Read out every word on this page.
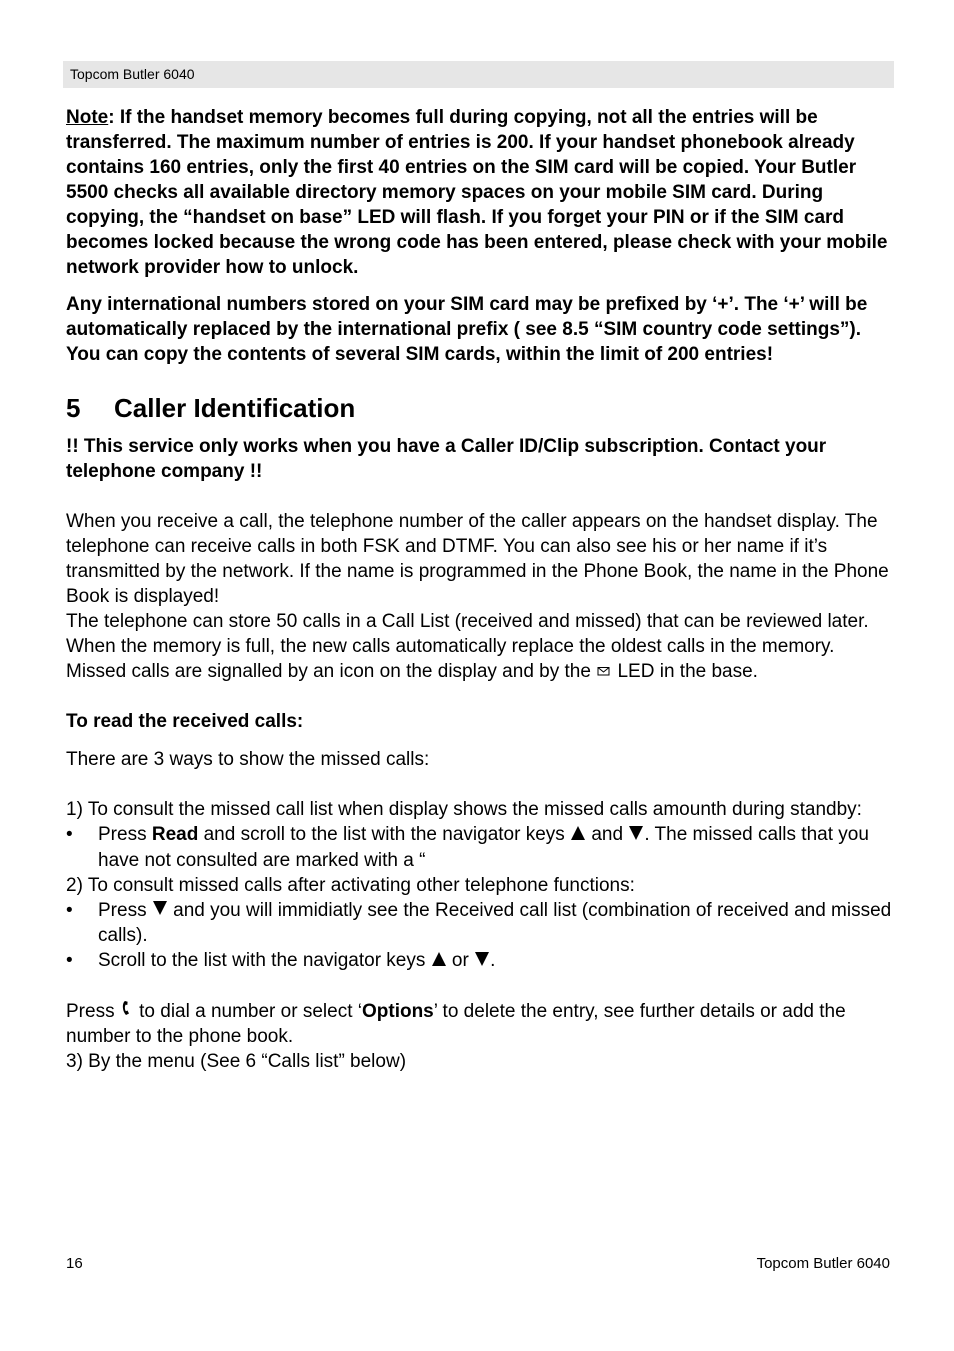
Topcom Butler 6040

Note: If the handset memory becomes full during copying, not all the entries will be transferred. The maximum number of entries is 200. If your handset phonebook already contains 160 entries, only the first 40 entries on the SIM card will be copied. Your Butler 5500 checks all available directory memory spaces on your mobile SIM card. During copying, the “handset on base” LED will flash. If you forget your PIN or if the SIM card becomes locked because the wrong code has been entered, please check with your mobile network provider how to unlock.

Any international numbers stored on your SIM card may be prefixed by ‘+’. The ‘+’ will be automatically replaced by the international prefix ( see 8.5 “SIM country code settings”).

You can copy the contents of several SIM cards, within the limit of 200 entries!

5 Caller Identification

!! This service only works when you have a Caller ID/Clip subscription. Contact your telephone company !!

When you receive a call, the telephone number of the caller appears on the handset display. The telephone can receive calls in both FSK and DTMF. You can also see his or her name if it’s transmitted by the network. If the name is programmed in the Phone Book, the name in the Phone Book is displayed!

The telephone can store 50 calls in a Call List (received and missed) that can be reviewed later. When the memory is full, the new calls automatically replace the oldest calls in the memory. Missed calls are signalled by an icon on the display and by the  LED in the base.

To read the received calls:

There are 3 ways to show the missed calls:

1) To consult the missed call list when display shows the missed calls amounth during standby:

• Press Read and scroll to the list with the navigator keys  and . The missed calls that you have not consulted are marked with a “

2) To consult missed calls after activating other telephone functions:

• Press  and you will immidiatly see the Received call list (combination of received and missed calls).

• Scroll to the list with the navigator keys  or .

Press  to dial a number or select ‘Options’ to delete the entry, see further details or add the number to the phone book.

3) By the menu (See 6 “Calls list” below)

16	Topcom Butler 6040
